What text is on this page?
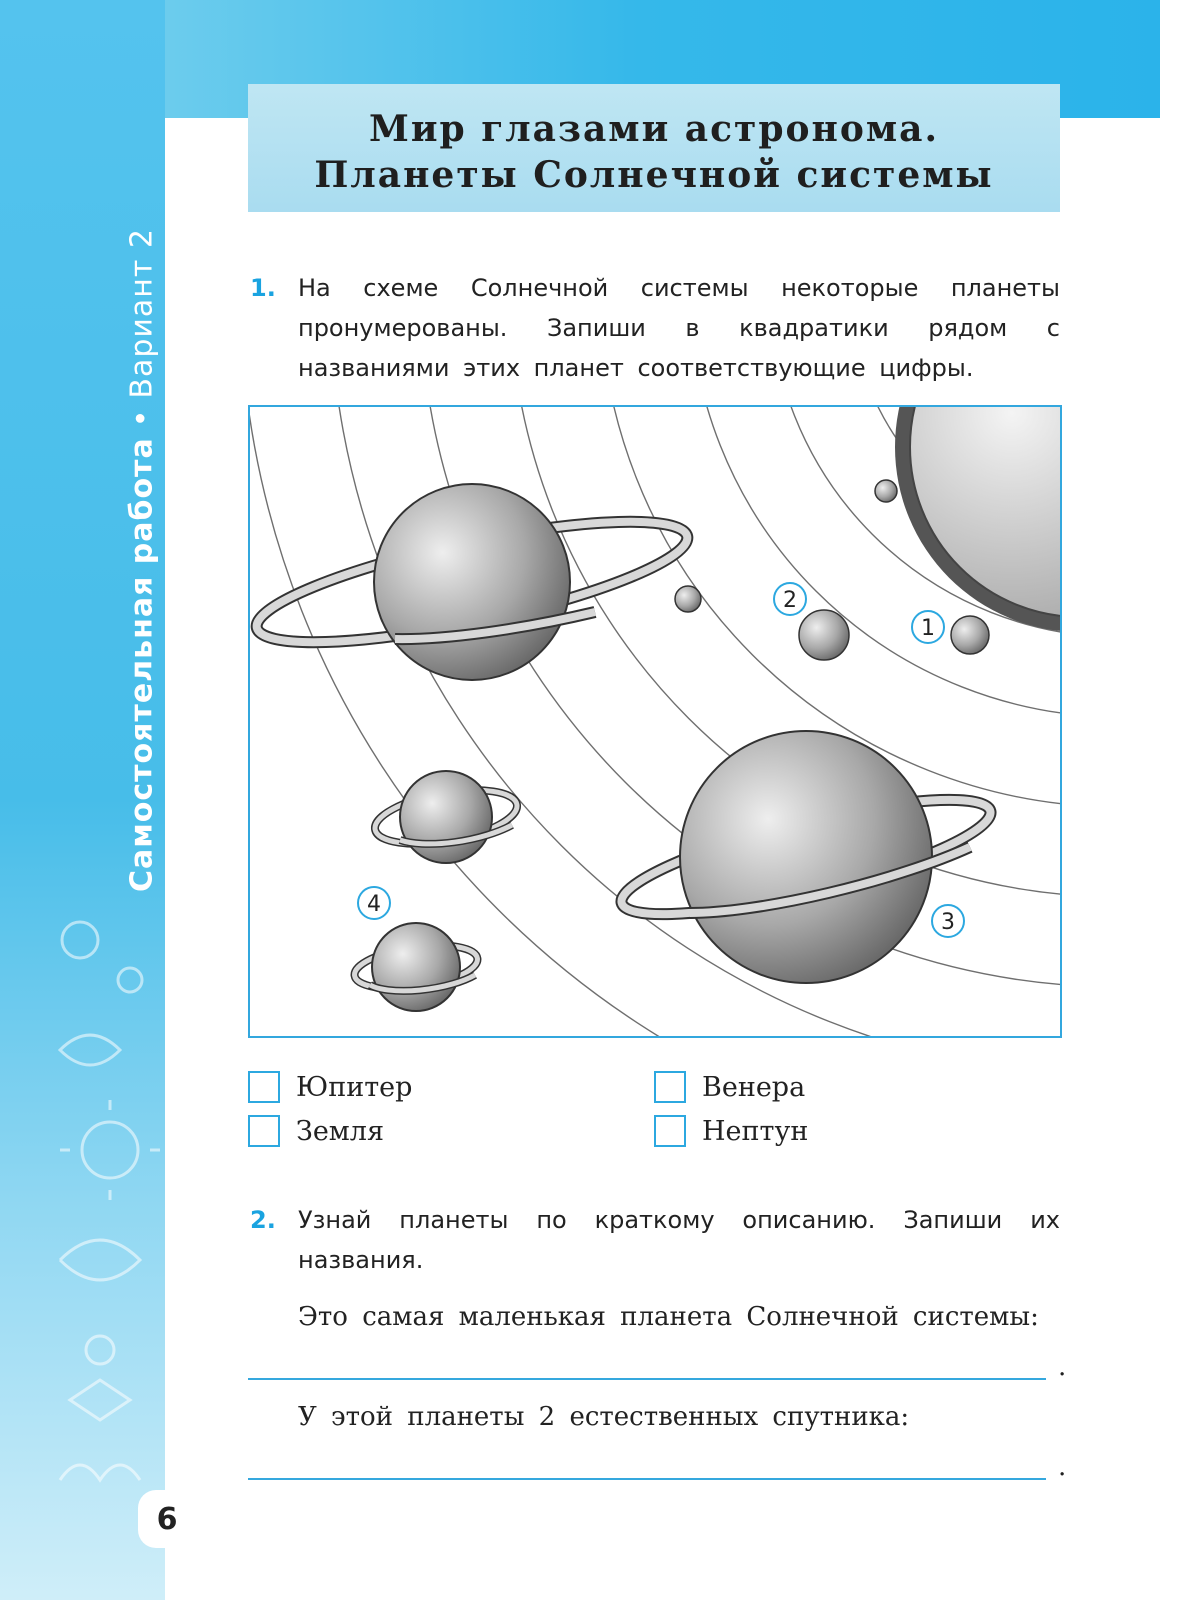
Самостоятельная работа•Вариант 2
Мир глазами астронома.
Планеты Солнечной системы
1. На схеме Солнечной системы некоторые планеты пронумерованы. Запиши в квадратики рядом с названиями этих планет соответствующие цифры.
1
2
3
4
Юпитер
Земля
Венера
Нептун
2. Узнай планеты по краткому описанию. Запиши их названия.
Это самая маленькая планета Солнечной системы:
.
У этой планеты 2 естественных спутника:
.
6
